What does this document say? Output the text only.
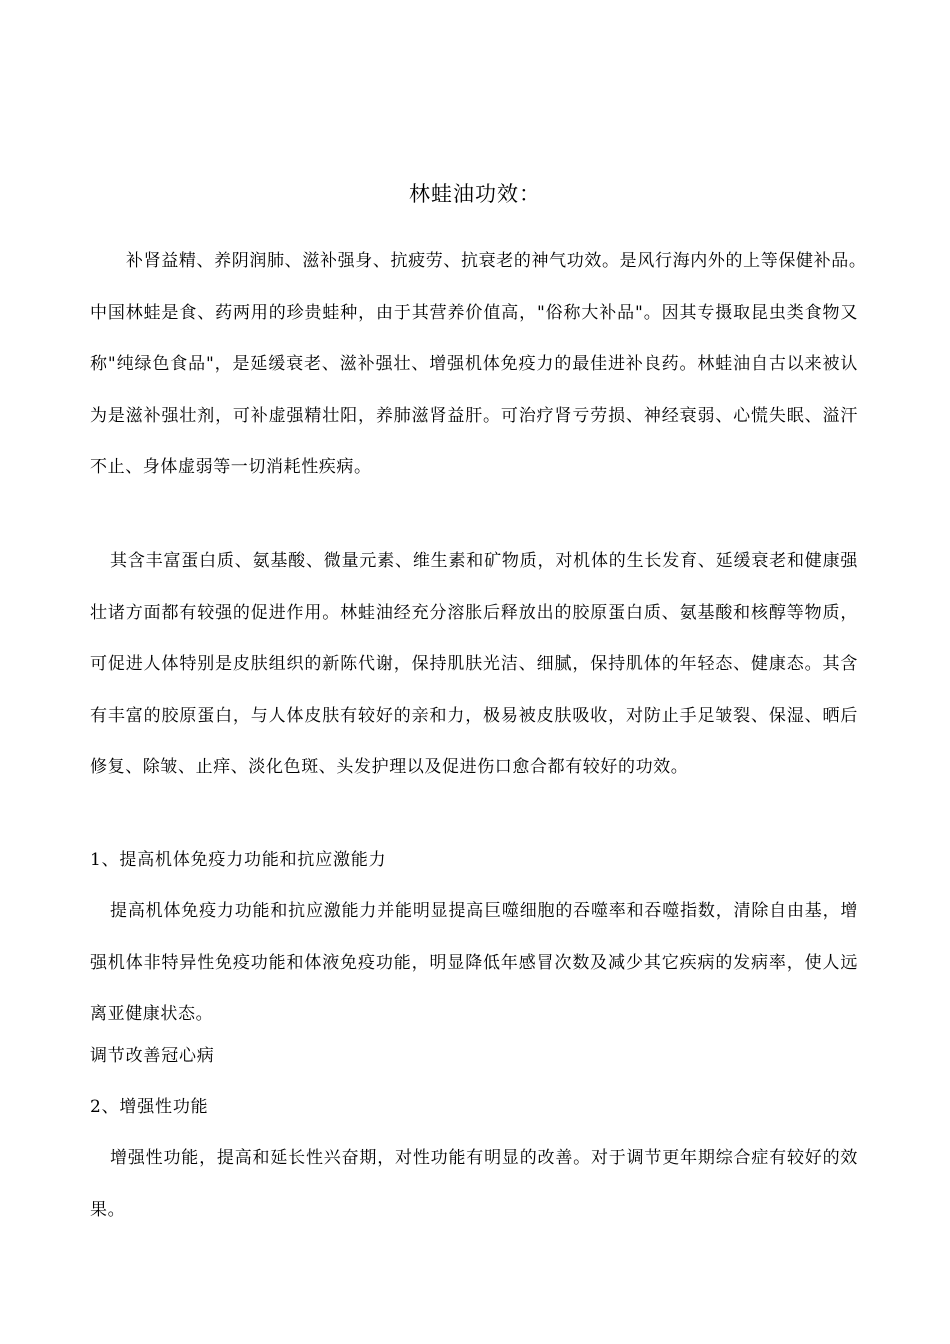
林蛙油功效：

补肾益精、养阴润肺、滋补强身、抗疲劳、抗衰老的神气功效。是风行海内外的上等保健补品。　中国林蛙是食、药两用的珍贵蛙种，由于其营养价值高，"俗称大补品"。因其专摄取昆虫类食物又称"纯绿色食品"，是延缓衰老、滋补强壮、增强机体免疫力的最佳进补良药。林蛙油自古以来被认为是滋补强壮剂，可补虚强精壮阳，养肺滋肾益肝。可治疗肾亏劳损、神经衰弱、心慌失眠、溢汗不止、身体虚弱等一切消耗性疾病。

其含丰富蛋白质、氨基酸、微量元素、维生素和矿物质，对机体的生长发育、延缓衰老和健康强壮诸方面都有较强的促进作用。林蛙油经充分溶胀后释放出的胶原蛋白质、氨基酸和核醇等物质，可促进人体特别是皮肤组织的新陈代谢，保持肌肤光洁、细腻，保持肌体的年轻态、健康态。其含有丰富的胶原蛋白，与人体皮肤有较好的亲和力，极易被皮肤吸收，对防止手足皱裂、保湿、晒后修复、除皱、止痒、淡化色斑、头发护理以及促进伤口愈合都有较好的功效。

1、提高机体免疫力功能和抗应激能力

提高机体免疫力功能和抗应激能力并能明显提高巨噬细胞的吞噬率和吞噬指数，清除自由基，增强机体非特异性免疫功能和体液免疫功能，明显降低年感冒次数及减少其它疾病的发病率，使人远离亚健康状态。

调节改善冠心病

2、增强性功能

增强性功能，提高和延长性兴奋期，对性功能有明显的改善。对于调节更年期综合症有较好的效果。
